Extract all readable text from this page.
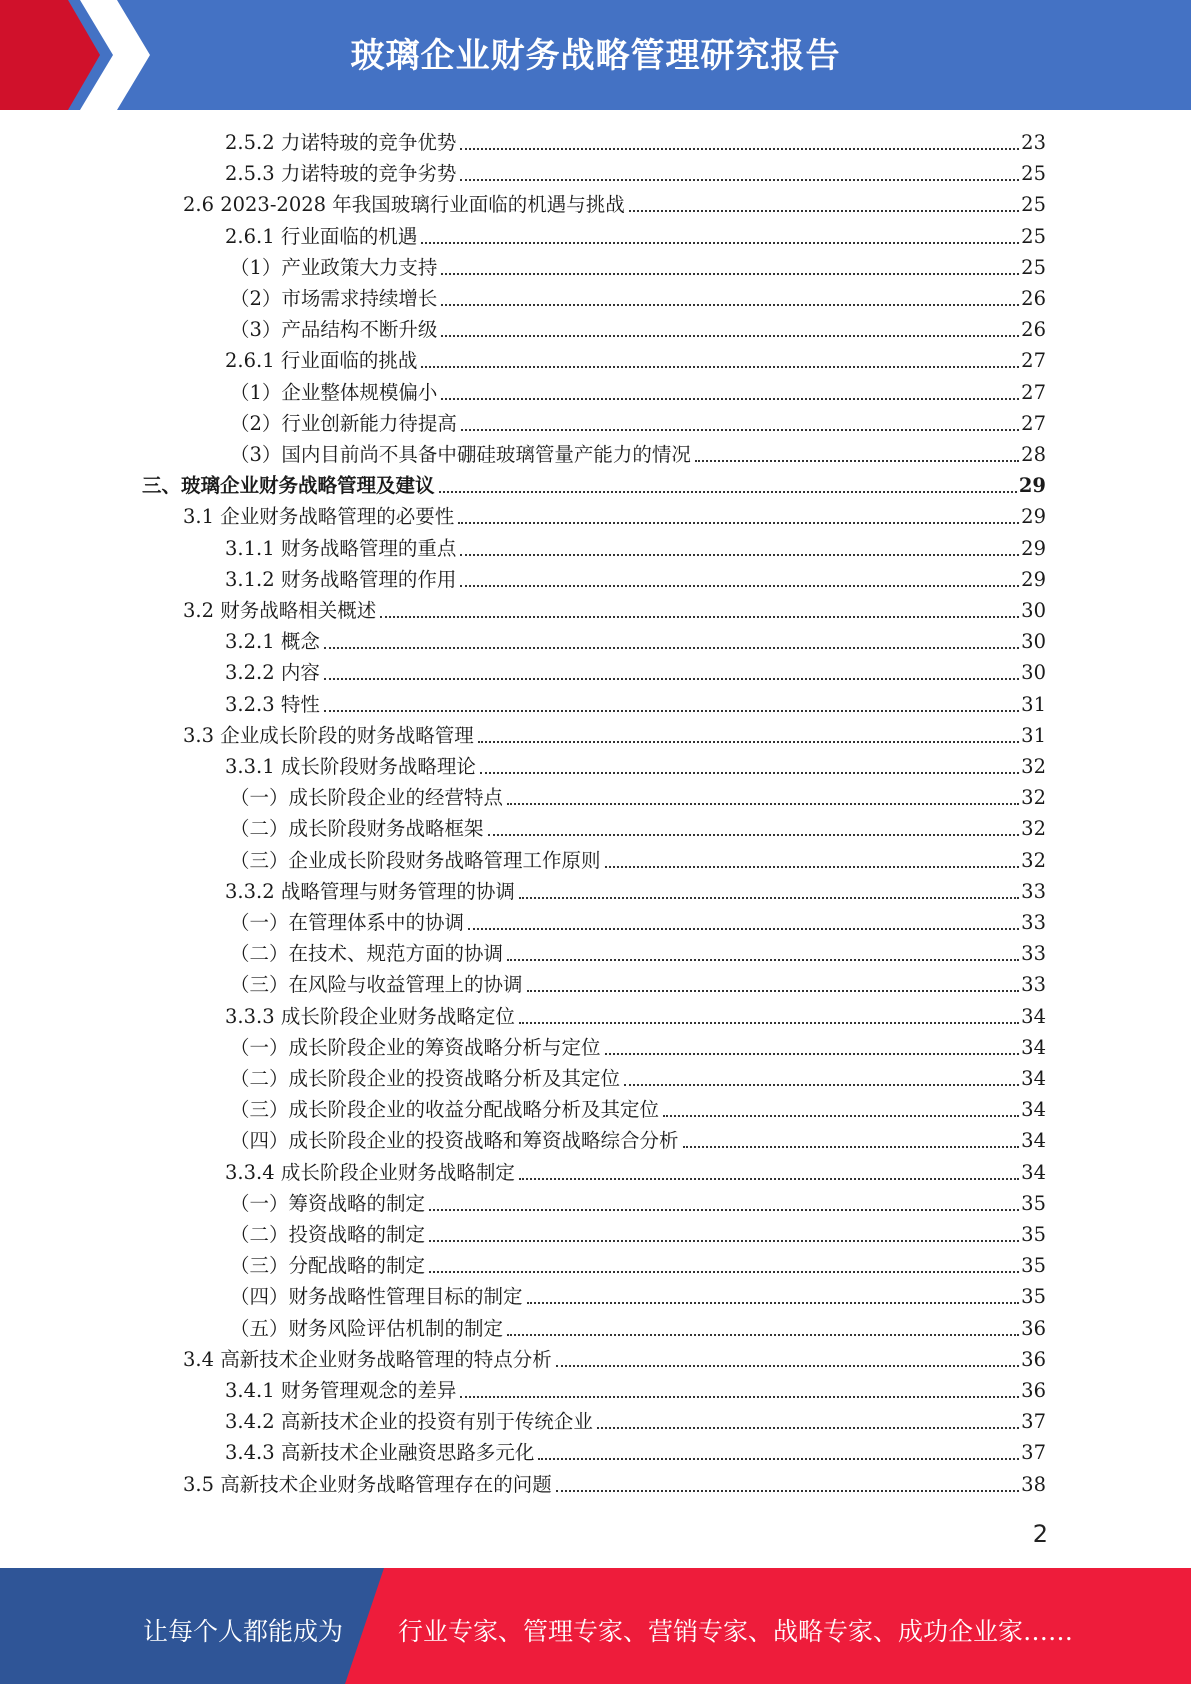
玻璃企业财务战略管理研究报告
2.5.2 力诺特玻的竞争优势	23
2.5.3 力诺特玻的竞争劣势	25
2.6 2023-2028 年我国玻璃行业面临的机遇与挑战	25
2.6.1 行业面临的机遇	25
（1）产业政策大力支持	25
（2）市场需求持续增长	26
（3）产品结构不断升级	26
2.6.1 行业面临的挑战	27
（1）企业整体规模偏小	27
（2）行业创新能力待提高	27
（3）国内目前尚不具备中硼硅玻璃管量产能力的情况	28
三、玻璃企业财务战略管理及建议	29
3.1 企业财务战略管理的必要性	29
3.1.1 财务战略管理的重点	29
3.1.2 财务战略管理的作用	29
3.2 财务战略相关概述	30
3.2.1 概念	30
3.2.2 内容	30
3.2.3 特性	31
3.3 企业成长阶段的财务战略管理	31
3.3.1 成长阶段财务战略理论	32
（一）成长阶段企业的经营特点	32
（二）成长阶段财务战略框架	32
（三）企业成长阶段财务战略管理工作原则	32
3.3.2 战略管理与财务管理的协调	33
（一）在管理体系中的协调	33
（二）在技术、规范方面的协调	33
（三）在风险与收益管理上的协调	33
3.3.3 成长阶段企业财务战略定位	34
（一）成长阶段企业的筹资战略分析与定位	34
（二）成长阶段企业的投资战略分析及其定位	34
（三）成长阶段企业的收益分配战略分析及其定位	34
（四）成长阶段企业的投资战略和筹资战略综合分析	34
3.3.4 成长阶段企业财务战略制定	34
（一）筹资战略的制定	35
（二）投资战略的制定	35
（三）分配战略的制定	35
（四）财务战略性管理目标的制定	35
（五）财务风险评估机制的制定	36
3.4 高新技术企业财务战略管理的特点分析	36
3.4.1 财务管理观念的差异	36
3.4.2 高新技术企业的投资有别于传统企业	37
3.4.3 高新技术企业融资思路多元化	37
3.5 高新技术企业财务战略管理存在的问题	38
2
让每个人都能成为 行业专家、管理专家、营销专家、战略专家、成功企业家……
